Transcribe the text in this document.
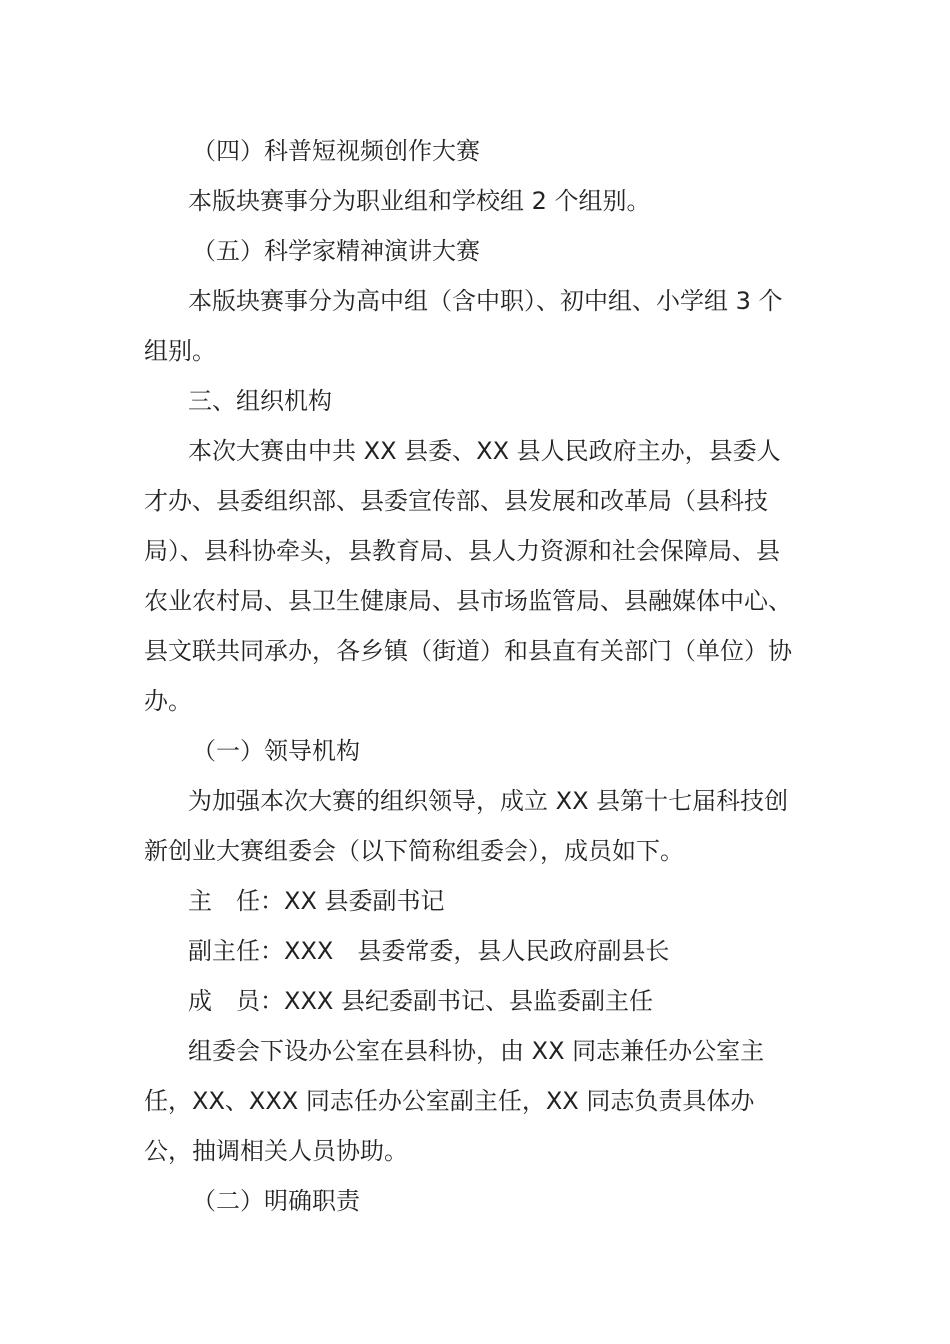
（四）科普短视频创作大赛

本版块赛事分为职业组和学校组 2 个组别。

（五）科学家精神演讲大赛

本版块赛事分为高中组（含中职）、初中组、小学组 3 个组别。

三、组织机构

本次大赛由中共 XX 县委、XX 县人民政府主办，县委人才办、县委组织部、县委宣传部、县发展和改革局（县科技局）、县科协牵头，县教育局、县人力资源和社会保障局、县农业农村局、县卫生健康局、县市场监管局、县融媒体中心、县文联共同承办，各乡镇（街道）和县直有关部门（单位）协办。

（一）领导机构

为加强本次大赛的组织领导，成立 XX 县第十七届科技创新创业大赛组委会（以下简称组委会），成员如下。

主　任：XX 县委副书记

副主任：XXX　县委常委，县人民政府副县长

成　员：XXX 县纪委副书记、县监委副主任

组委会下设办公室在县科协，由 XX 同志兼任办公室主任，XX、XXX 同志任办公室副主任，XX 同志负责具体办公，抽调相关人员协助。

（二）明确职责
